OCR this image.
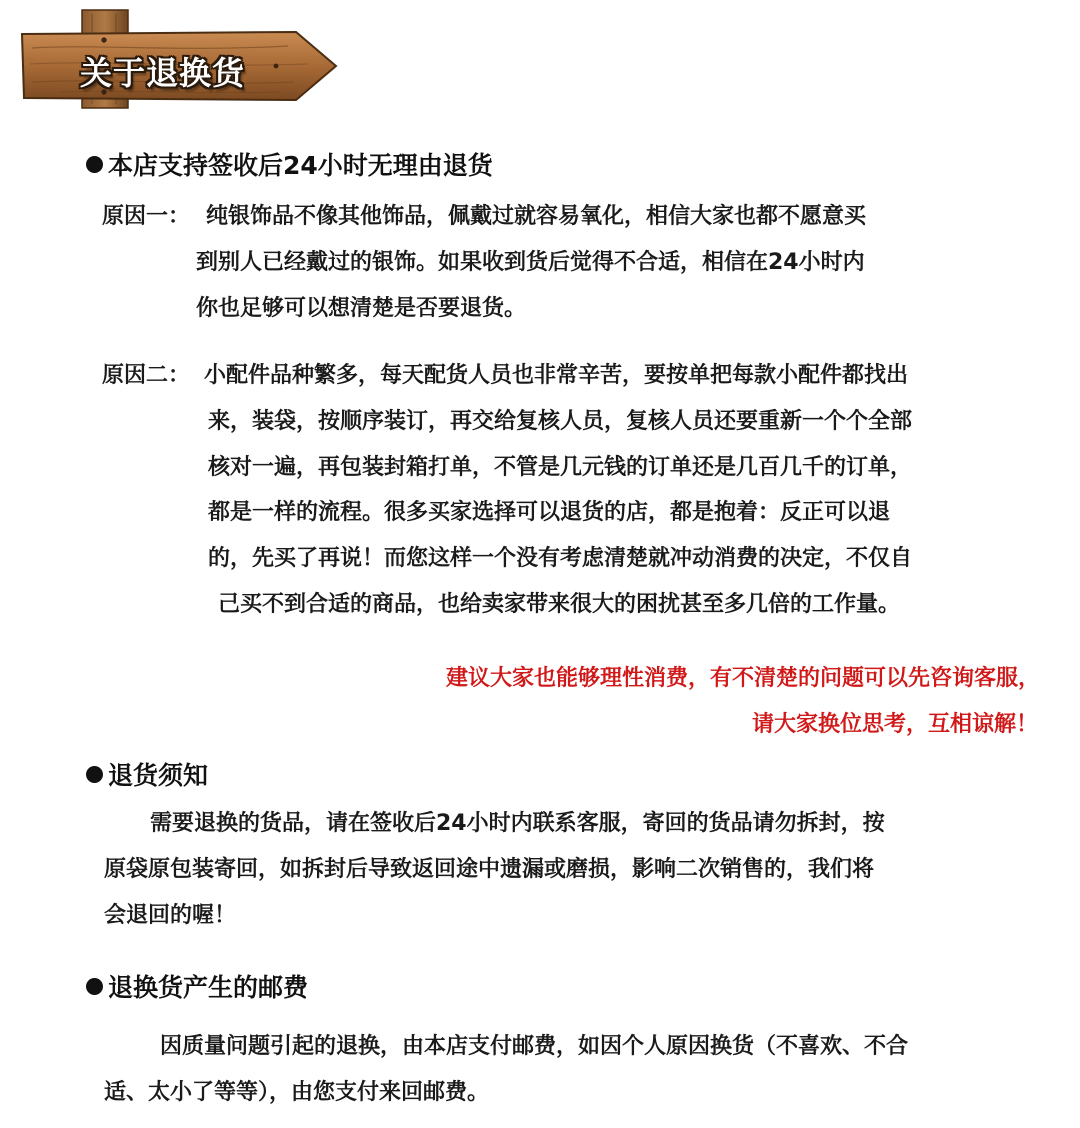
关于退换货
本店支持签收后24小时无理由退货
原因一： 纯银饰品不像其他饰品，佩戴过就容易氧化，相信大家也都不愿意买
到别人已经戴过的银饰。如果收到货后觉得不合适，相信在24小时内
你也足够可以想清楚是否要退货。
原因二： 小配件品种繁多，每天配货人员也非常辛苦，要按单把每款小配件都找出
来，装袋，按顺序装订，再交给复核人员，复核人员还要重新一个个全部
核对一遍，再包装封箱打单，不管是几元钱的订单还是几百几千的订单，
都是一样的流程。很多买家选择可以退货的店，都是抱着：反正可以退
的，先买了再说！而您这样一个没有考虑清楚就冲动消费的决定，不仅自
己买不到合适的商品，也给卖家带来很大的困扰甚至多几倍的工作量。
建议大家也能够理性消费，有不清楚的问题可以先咨询客服，
请大家换位思考，互相谅解！
退货须知
需要退换的货品，请在签收后24小时内联系客服，寄回的货品请勿拆封，按
原袋原包装寄回，如拆封后导致返回途中遗漏或磨损，影响二次销售的，我们将
会退回的喔！
退换货产生的邮费
因质量问题引起的退换，由本店支付邮费，如因个人原因换货（不喜欢、不合
适、太小了等等），由您支付来回邮费。
